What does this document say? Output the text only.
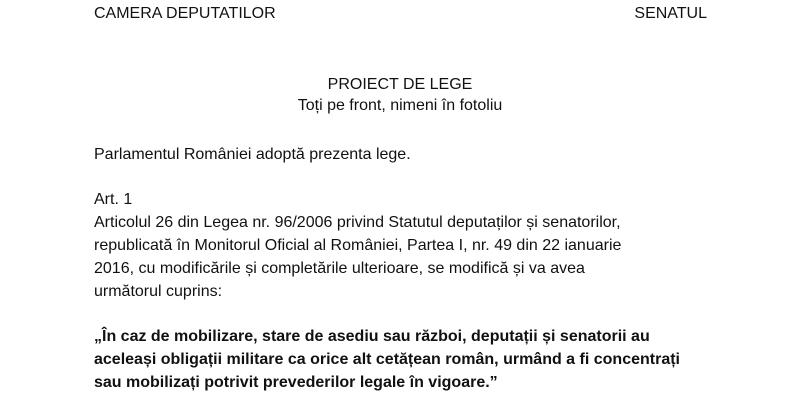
CAMERA DEPUTATILOR	SENATUL
PROIECT DE LEGE
Toți pe front, nimeni în fotoliu
Parlamentul României adoptă prezenta lege.
Art. 1
Articolul 26 din Legea nr. 96/2006 privind Statutul deputaților și senatorilor,
republicată în Monitorul Oficial al României, Partea I, nr. 49 din 22 ianuarie
2016, cu modificările și completările ulterioare, se modifică și va avea
următorul cuprins:
„În caz de mobilizare, stare de asediu sau război, deputații și senatorii au
aceleași obligații militare ca orice alt cetățean român, urmând a fi concentrați
sau mobilizați potrivit prevederilor legale în vigoare.”
